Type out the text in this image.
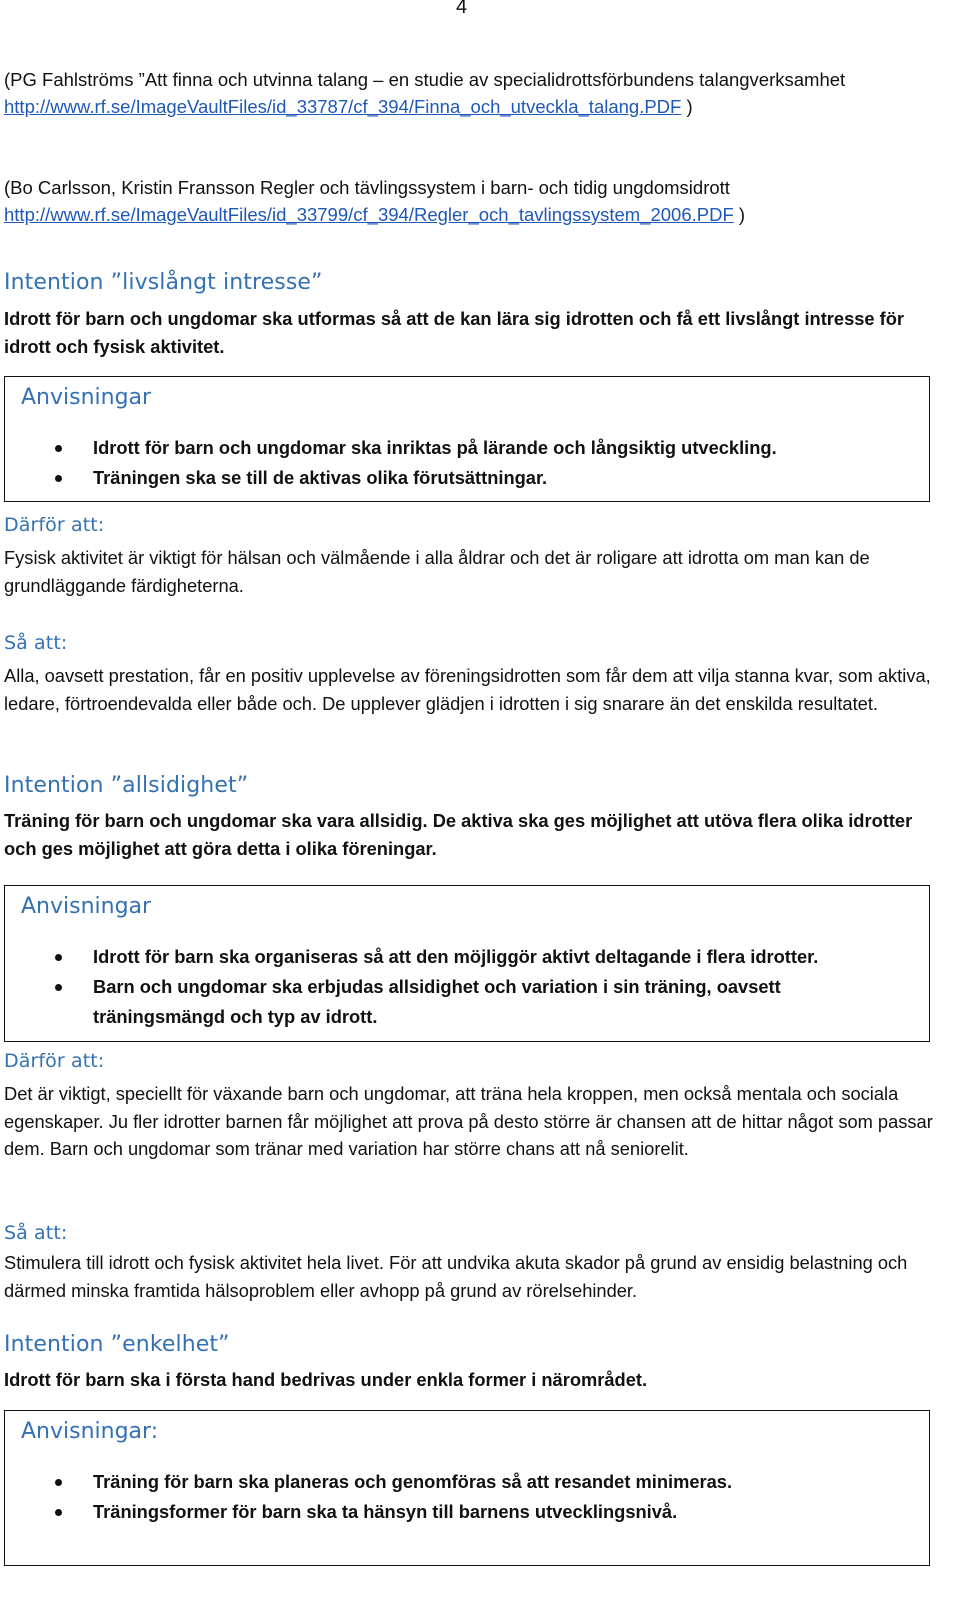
4
(PG Fahlströms ”Att finna och utvinna talang – en studie av specialidrottsförbundens talangverksamhet
http://www.rf.se/ImageVaultFiles/id_33787/cf_394/Finna_och_utveckla_talang.PDF )
(Bo Carlsson, Kristin Fransson Regler och tävlingssystem i barn- och tidig ungdomsidrott
http://www.rf.se/ImageVaultFiles/id_33799/cf_394/Regler_och_tavlingssystem_2006.PDF )
Intention ”livslångt intresse”
Idrott för barn och ungdomar ska utformas så att de kan lära sig idrotten och få ett livslångt intresse för idrott och fysisk aktivitet.
Anvisningar
Idrott för barn och ungdomar ska inriktas på lärande och långsiktig utveckling.
Träningen ska se till de aktivas olika förutsättningar.
Därför att:
Fysisk aktivitet är viktigt för hälsan och välmående i alla åldrar och det är roligare att idrotta om man kan de grundläggande färdigheterna.
Så att:
Alla, oavsett prestation, får en positiv upplevelse av föreningsidrotten som får dem att vilja stanna kvar, som aktiva, ledare, förtroendevalda eller både och. De upplever glädjen i idrotten i sig snarare än det enskilda resultatet.
Intention ”allsidighet”
Träning för barn och ungdomar ska vara allsidig. De aktiva ska ges möjlighet att utöva flera olika idrotter och ges möjlighet att göra detta i olika föreningar.
Anvisningar
Idrott för barn ska organiseras så att den möjliggör aktivt deltagande i flera idrotter.
Barn och ungdomar ska erbjudas allsidighet och variation i sin träning, oavsett träningsmängd och typ av idrott.
Därför att:
Det är viktigt, speciellt för växande barn och ungdomar, att träna hela kroppen, men också mentala och sociala egenskaper. Ju fler idrotter barnen får möjlighet att prova på desto större är chansen att de hittar något som passar dem. Barn och ungdomar som tränar med variation har större chans att nå seniorelit.
Så att:
Stimulera till idrott och fysisk aktivitet hela livet. För att undvika akuta skador på grund av ensidig belastning och därmed minska framtida hälsoproblem eller avhopp på grund av rörelsehinder.
Intention ”enkelhet”
Idrott för barn ska i första hand bedrivas under enkla former i närområdet.
Anvisningar:
Träning för barn ska planeras och genomföras så att resandet minimeras.
Träningsformer för barn ska ta hänsyn till barnens utvecklingsnivå.
